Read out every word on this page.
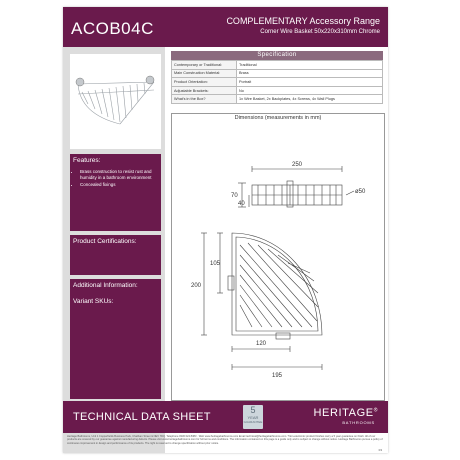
ACOB04C	COMPLEMENTARY Accessory Range
Corner Wire Basket 50x220x310mm Chrome
Features:
• Brass construction to resist rust and humidity in a bathroom environment
• Concealed fixings
Product Certifications:
Additional Information:
Variant SKUs:
Specification
Contemporary or Traditional:	Traditional
Main Construction Material:	Brass
Product Orientation:	Portrait
Adjustable Brackets:	No
What's in the Box?	1x Wire Basket, 2x Backplates, 4x Screws, 4x Wall Plugs
Dimensions (measurements in mm)
250
70
40
ø50
105
200
120
195
TECHNICAL DATA SHEET
5
YEAR
GUARANTEE
HERITAGE®
BATHROOMS
Heritage Bathrooms, Unit 1 Copperfields Business Park, Chatham Street & NEV 7DQ. Telephone 0330 024 8383 · Web www.heritagebathrooms.com Email technical@heritagebathrooms.com. *Non-electronic product finishes carry a 5 year guarantee on finish. All of our products are covered by our guarantee against manufacturing defects. Please visit www.heritagebathrooms.com for full terms and conditions. The information contained on this page is a guide only and is subject to change without notice. Heritage Bathrooms pursue a policy of continuous improvement in design and performance of its products. The right is reserved to change specification without prior notice.
03
